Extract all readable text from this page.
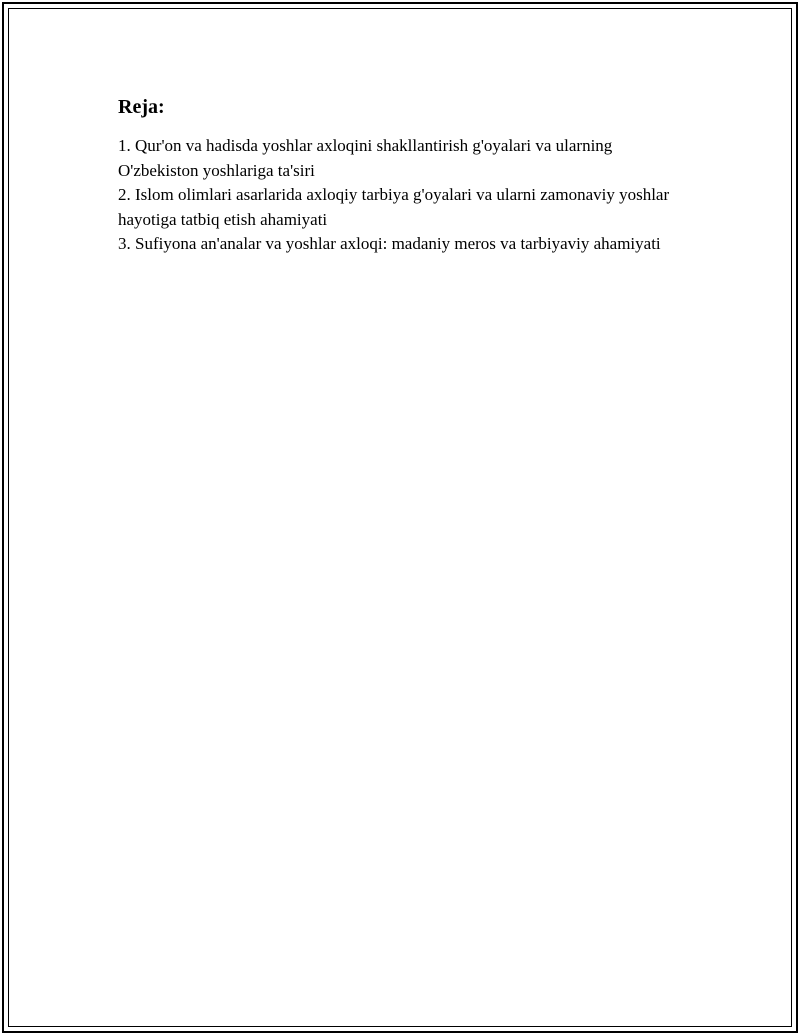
Reja:
1. Qur'on va hadisda yoshlar axloqini shakllantirish g'oyalari va ularning O'zbekiston yoshlariga ta'siri
2. Islom olimlari asarlarida axloqiy tarbiya g'oyalari va ularni zamonaviy yoshlar hayotiga tatbiq etish ahamiyati
3. Sufiyona an'analar va yoshlar axloqi: madaniy meros va tarbiyaviy ahamiyati
